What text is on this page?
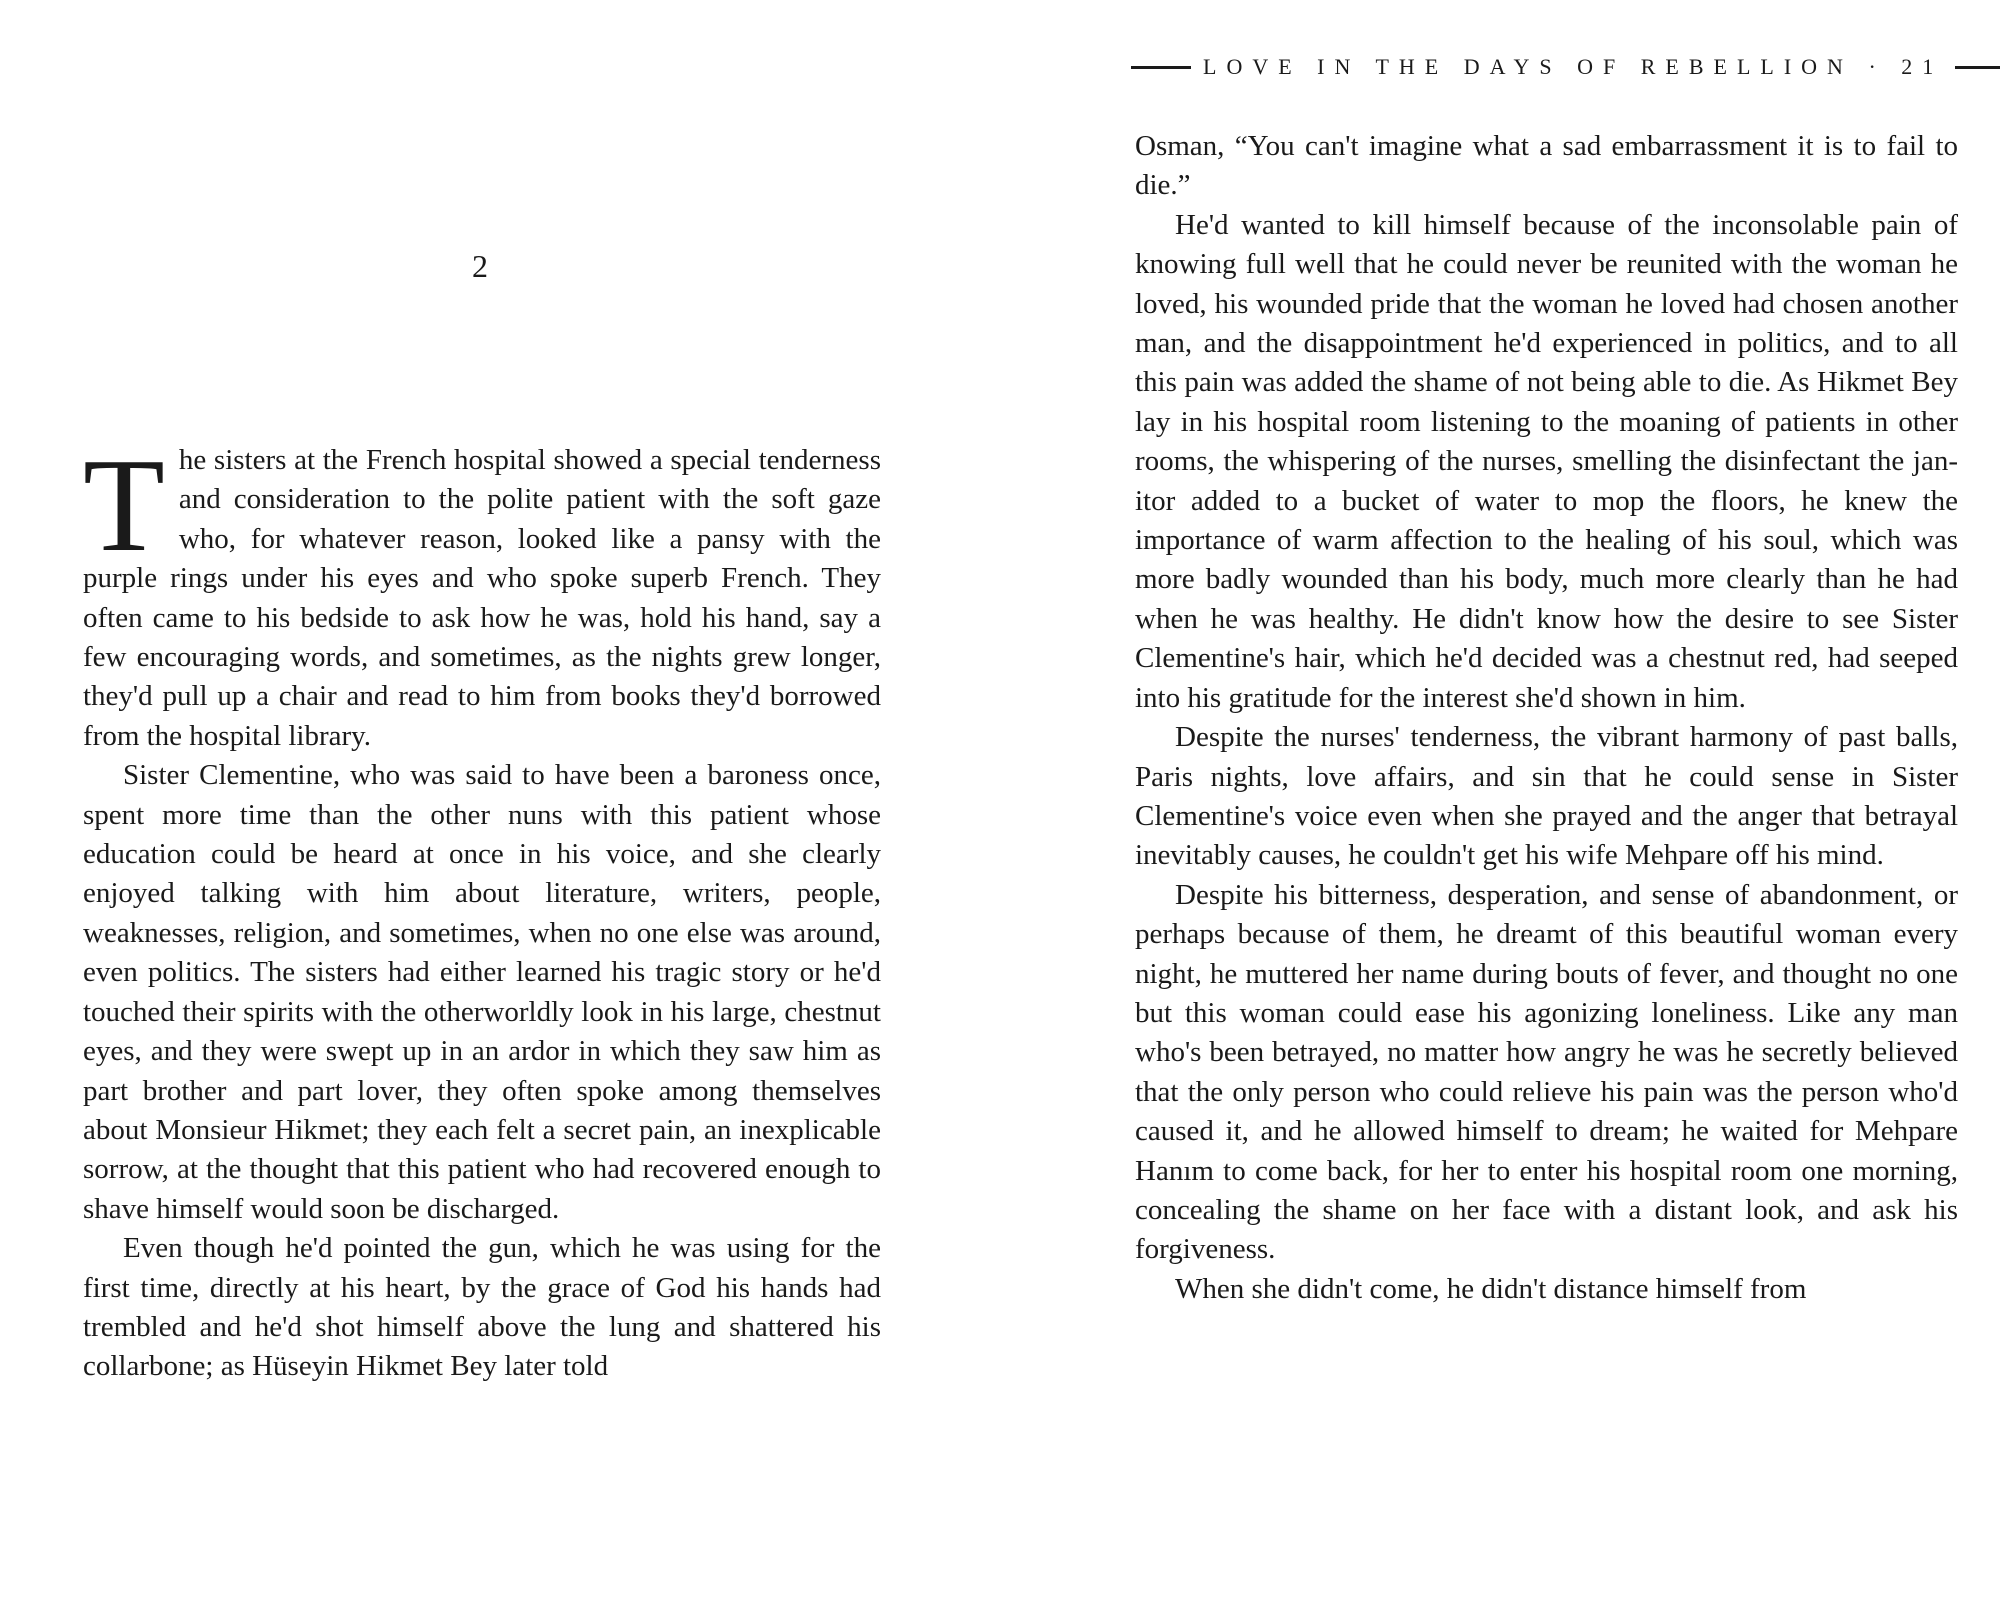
2

The sisters at the French hospital showed a special tenderness and consideration to the polite patient with the soft gaze who, for whatever reason, looked like a pansy with the purple rings under his eyes and who spoke superb French. They often came to his bedside to ask how he was, hold his hand, say a few encouraging words, and sometimes, as the nights grew longer, they'd pull up a chair and read to him from books they'd borrowed from the hospital library.

Sister Clementine, who was said to have been a baroness once, spent more time than the other nuns with this patient whose education could be heard at once in his voice, and she clearly enjoyed talking with him about literature, writers, people, weaknesses, religion, and sometimes, when no one else was around, even politics. The sisters had either learned his tragic story or he'd touched their spirits with the otherworldly look in his large, chestnut eyes, and they were swept up in an ardor in which they saw him as part brother and part lover, they often spoke among themselves about Monsieur Hikmet; they each felt a secret pain, an inexplicable sorrow, at the thought that this patient who had recovered enough to shave himself would soon be discharged.

Even though he'd pointed the gun, which he was using for the first time, directly at his heart, by the grace of God his hands had trembled and he'd shot himself above the lung and shattered his collarbone; as Hüseyin Hikmet Bey later told

LOVE IN THE DAYS OF REBELLION · 21

Osman, “You can't imagine what a sad embarrassment it is to fail to die.”

He'd wanted to kill himself because of the inconsolable pain of knowing full well that he could never be reunited with the woman he loved, his wounded pride that the woman he loved had chosen another man, and the disappointment he'd experienced in politics, and to all this pain was added the shame of not being able to die. As Hikmet Bey lay in his hospital room listening to the moaning of patients in other rooms, the whispering of the nurses, smelling the disinfectant the janitor added to a bucket of water to mop the floors, he knew the importance of warm affection to the healing of his soul, which was more badly wounded than his body, much more clearly than he had when he was healthy. He didn't know how the desire to see Sister Clementine's hair, which he'd decided was a chestnut red, had seeped into his gratitude for the interest she'd shown in him.

Despite the nurses' tenderness, the vibrant harmony of past balls, Paris nights, love affairs, and sin that he could sense in Sister Clementine's voice even when she prayed and the anger that betrayal inevitably causes, he couldn't get his wife Mehpare off his mind.

Despite his bitterness, desperation, and sense of abandonment, or perhaps because of them, he dreamt of this beautiful woman every night, he muttered her name during bouts of fever, and thought no one but this woman could ease his agonizing loneliness. Like any man who's been betrayed, no matter how angry he was he secretly believed that the only person who could relieve his pain was the person who'd caused it, and he allowed himself to dream; he waited for Mehpare Hanım to come back, for her to enter his hospital room one morning, concealing the shame on her face with a distant look, and ask his forgiveness.

When she didn't come, he didn't distance himself from
